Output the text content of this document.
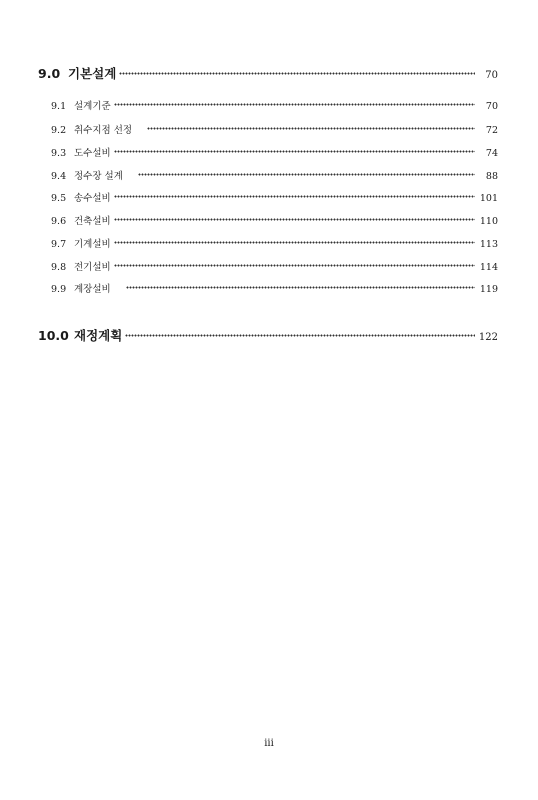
9.0 기본설계	70
9.1 설계기준	70
9.2 취수지점 선정	72
9.3 도수설비	74
9.4 정수장 설계	88
9.5 송수설비	101
9.6 건축설비	110
9.7 기계설비	113
9.8 전기설비	114
9.9 계장설비	119
10.0 재정계획	122
iii
